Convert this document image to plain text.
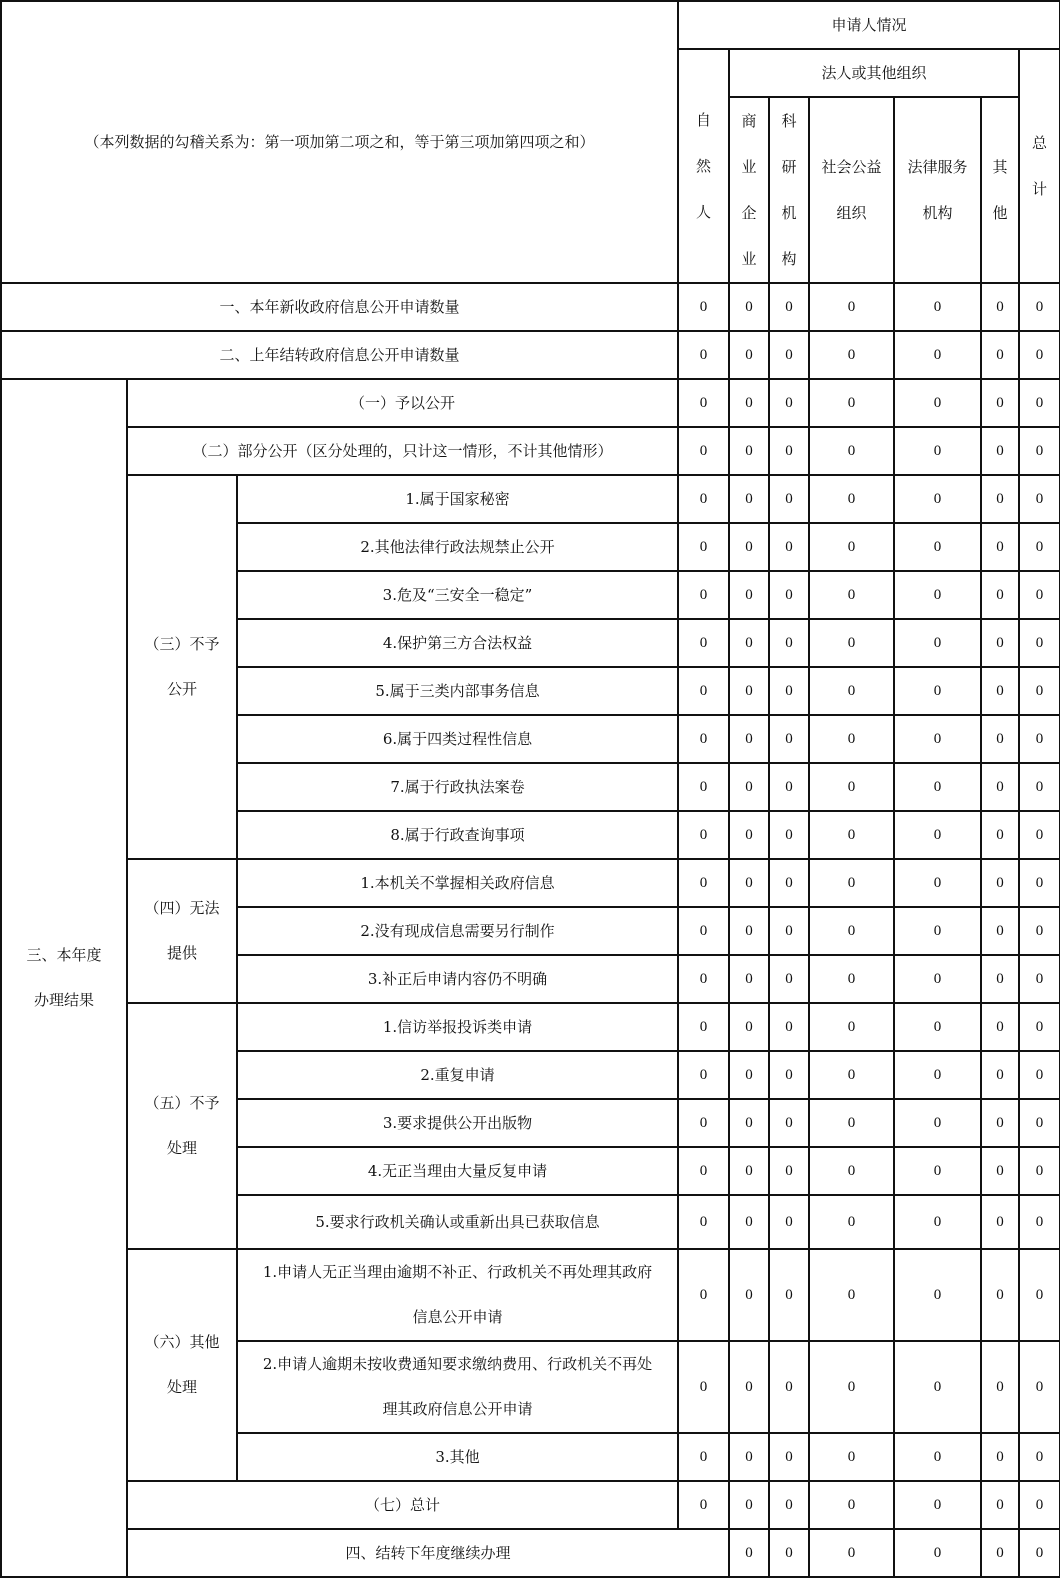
（本列数据的勾稽关系为：第一项加第二项之和，等于第三项加第四项之和）			申请人情况							

			自然人	法人或其他组织					总计	

				商业企业	科研机构	社会公益组织	法律服务机构	其他		

一、本年新收政府信息公开申请数量			0	0	0	0	0	0	0	
二、上年结转政府信息公开申请数量			0	0	0	0	0	0	0	

三、本年度办理结果	（一）予以公开		0	0	0	0	0	0	0	
	（二）部分公开（区分处理的，只计这一情形，不计其他情形）		0	0	0	0	0	0	0	

	（三）不予公开	1.属于国家秘密	0	0	0	0	0	0	0	
		2.其他法律行政法规禁止公开	0	0	0	0	0	0	0	
		3.危及“三安全一稳定”	0	0	0	0	0	0	0	
		4.保护第三方合法权益	0	0	0	0	0	0	0	
		5.属于三类内部事务信息	0	0	0	0	0	0	0	
		6.属于四类过程性信息	0	0	0	0	0	0	0	
		7.属于行政执法案卷	0	0	0	0	0	0	0	
		8.属于行政查询事项	0	0	0	0	0	0	0	

	（四）无法提供	1.本机关不掌握相关政府信息	0	0	0	0	0	0	0	
		2.没有现成信息需要另行制作	0	0	0	0	0	0	0	
		3.补正后申请内容仍不明确	0	0	0	0	0	0	0	

	（五）不予处理	1.信访举报投诉类申请	0	0	0	0	0	0	0	
		2.重复申请	0	0	0	0	0	0	0	
		3.要求提供公开出版物	0	0	0	0	0	0	0	
		4.无正当理由大量反复申请	0	0	0	0	0	0	0	
		5.要求行政机关确认或重新出具已获取信息	0	0	0	0	0	0	0	

	（六）其他处理	1.申请人无正当理由逾期不补正、行政机关不再处理其政府信息公开申请	0	0	0	0	0	0	0	

		2.申请人逾期未按收费通知要求缴纳费用、行政机关不再处理其政府信息公开申请	0	0	0	0	0	0	0	
		3.其他	0	0	0	0	0	0	0	
	（七）总计		0	0	0	0	0	0	0	
	四、结转下年度继续办理			0	0	0	0	0	0	
